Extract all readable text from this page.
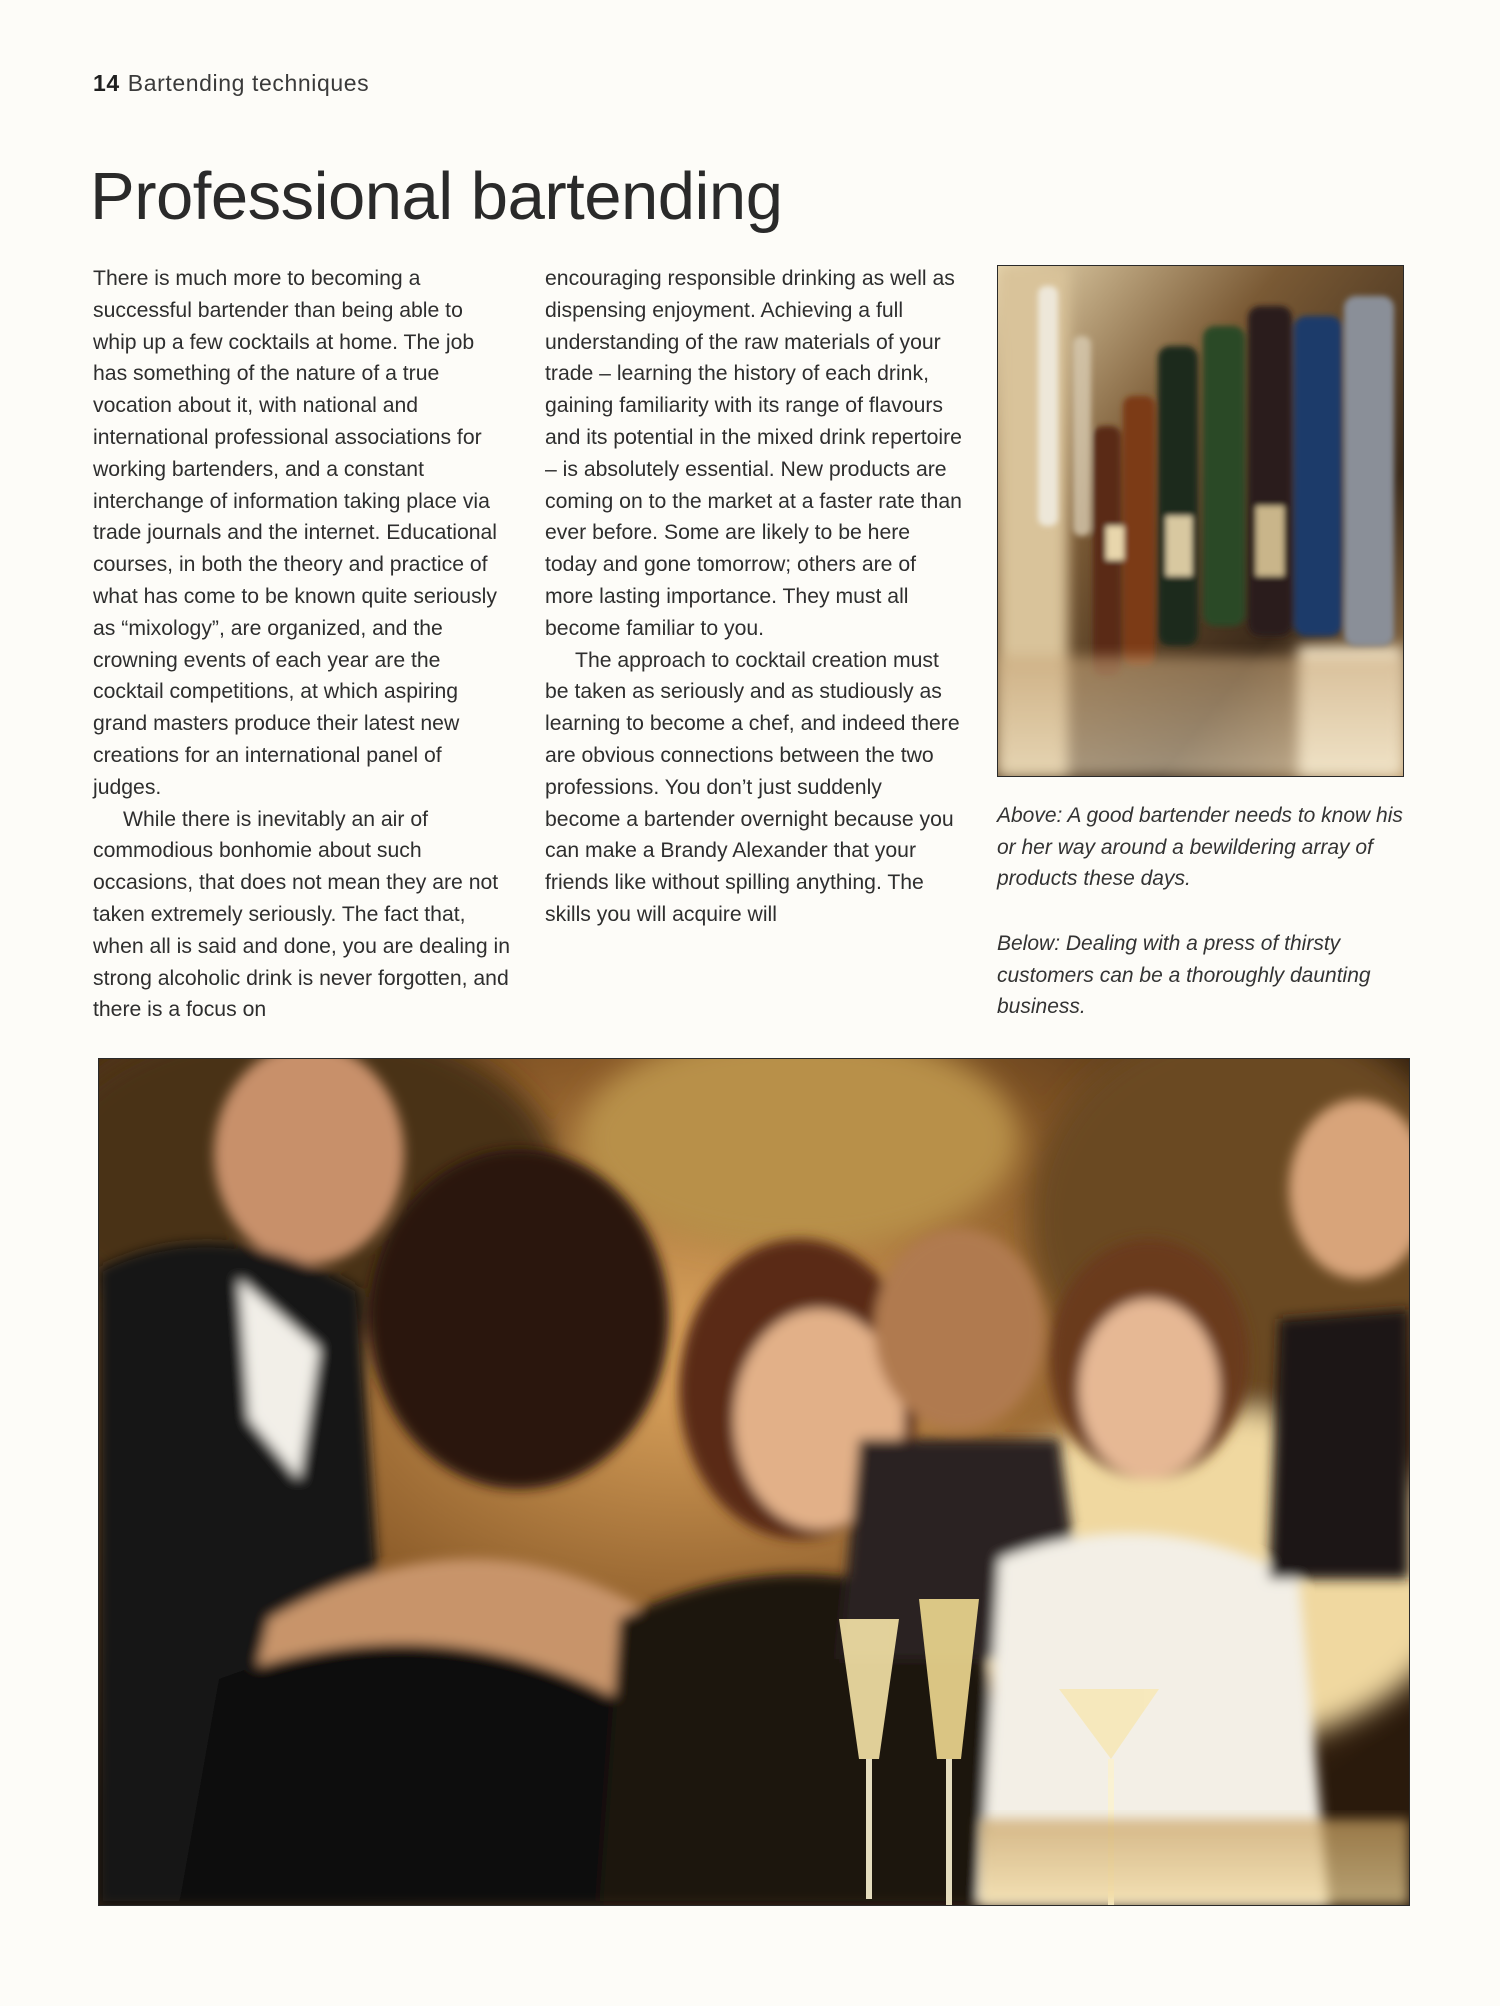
14 Bartending techniques
Professional bartending

There is much more to becoming a successful bartender than being able to whip up a few cocktails at home. The job has something of the nature of a true vocation about it, with national and international professional associations for working bartenders, and a constant interchange of information taking place via trade journals and the internet. Educational courses, in both the theory and practice of what has come to be known quite seriously as “mixology”, are organized, and the crowning events of each year are the cocktail competitions, at which aspiring grand masters produce their latest new creations for an international panel of judges.

While there is inevitably an air of commodious bonhomie about such occasions, that does not mean they are not taken extremely seriously. The fact that, when all is said and done, you are dealing in strong alcoholic drink is never forgotten, and there is a focus on

encouraging responsible drinking as well as dispensing enjoyment. Achieving a full understanding of the raw materials of your trade – learning the history of each drink, gaining familiarity with its range of flavours and its potential in the mixed drink repertoire – is absolutely essential. New products are coming on to the market at a faster rate than ever before. Some are likely to be here today and gone tomorrow; others are of more lasting importance. They must all become familiar to you.

The approach to cocktail creation must be taken as seriously and as studiously as learning to become a chef, and indeed there are obvious connections between the two professions. You don’t just suddenly become a bartender overnight because you can make a Brandy Alexander that your friends like without spilling anything. The skills you will acquire will

Above: A good bartender needs to know his or her way around a bewildering array of products these days.
Below: Dealing with a press of thirsty customers can be a thoroughly daunting business.
